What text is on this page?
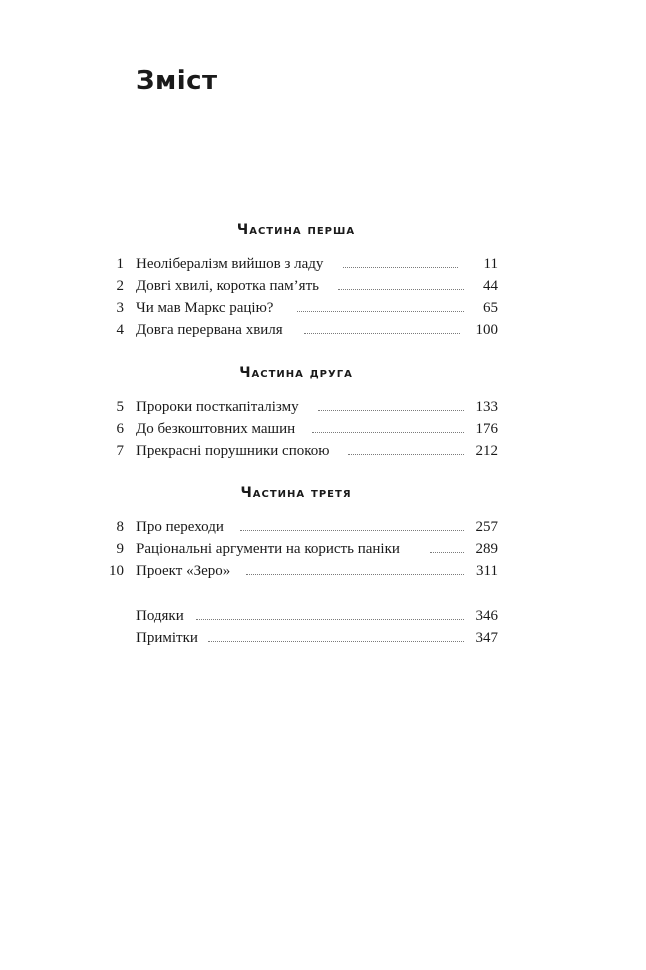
Зміст
Частина перша
1 Неолібералізм вийшов з ладу	11
2 Довгі хвилі, коротка пам’ять	44
3 Чи мав Маркс рацію?	65
4 Довга перервана хвиля	100
Частина друга
5 Пророки посткапіталізму	133
6 До безкоштовних машин	176
7 Прекрасні порушники спокою	212
Частина третя
8 Про переходи	257
9 Раціональні аргументи на користь паніки	289
10 Проект «Зеро»	311
Подяки	346
Примітки	347
